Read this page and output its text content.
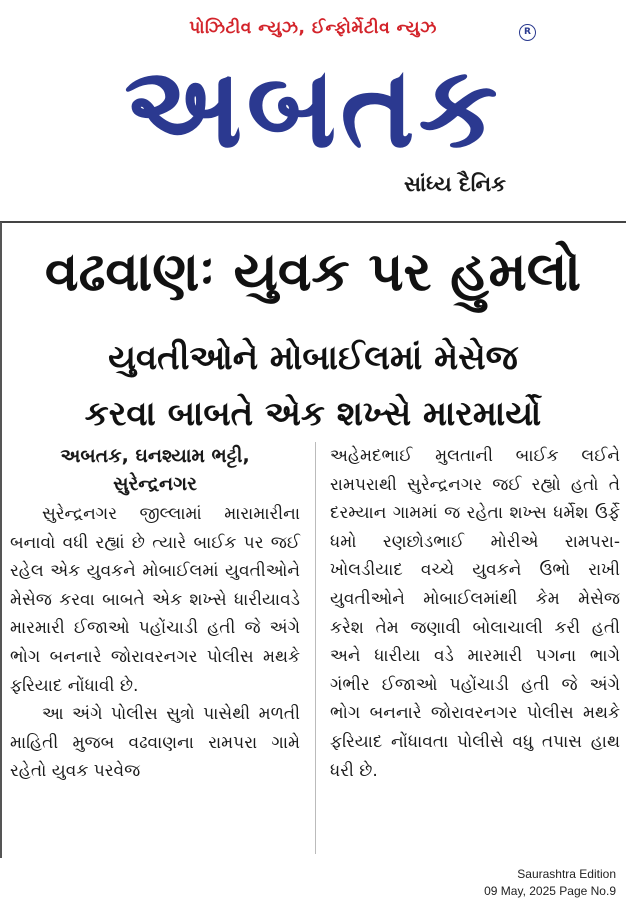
પોઝિટીવ ન્યુઝ, ઈન્ફોર્મેટીવ ન્યુઝ	R
અબતક
સાંધ્ય દૈનિક
વઢવાણઃ યુવક પર હુમલો
યુવતીઓને મોબાઈલમાં મેસેજ
કરવા બાબતે એક શખ્સે મારમાર્યો
અબતક, ઘનશ્યામ ભટ્ટી,
સુરેન્દ્રનગર

સુરેન્દ્રનગર જીલ્લામાં મારામારીના બનાવો વધી રહ્યાં છે ત્યારે બાઈક પર જઈ રહેલ એક યુવકને મોબાઈલમાં યુવતીઓને મેસેજ કરવા બાબતે એક શખ્સે ધારીયાવડે મારમારી ઈજાઓ પહોંચાડી હતી જે અંગે ભોગ બનનારે જોરાવરનગર પોલીસ મથકે ફરિયાદ નોંધાવી છે.

આ અંગે પોલીસ સુત્રો પાસેથી મળતી માહિતી મુજબ વઢવાણના રામપરા ગામે રહેતો યુવક પરવેજ

અહેમદભાઈ મુલતાની બાઈક લઈને રામપરાથી સુરેન્દ્રનગર જઈ રહ્યો હતો તે દરમ્યાન ગામમાં જ રહેતા શખ્સ ધર્મેશ ઉર્ફે ધમો રણછોડભાઈ મોરીએ રામપરા-ખોલડીયાદ વચ્ચે યુવકને ઉભો રાખી યુવતીઓને મોબાઈલમાંથી કેમ મેસેજ કરેશ તેમ જણાવી બોલાચાલી કરી હતી અને ધારીયા વડે મારમારી પગના ભાગે ગંભીર ઈજાઓ પહોંચાડી હતી જે અંગે ભોગ બનનારે જોરાવરનગર પોલીસ મથકે ફરિયાદ નોંધાવતા પોલીસે વધુ તપાસ હાથ ધરી છે.

Saurashtra Edition
09 May, 2025 Page No.9
